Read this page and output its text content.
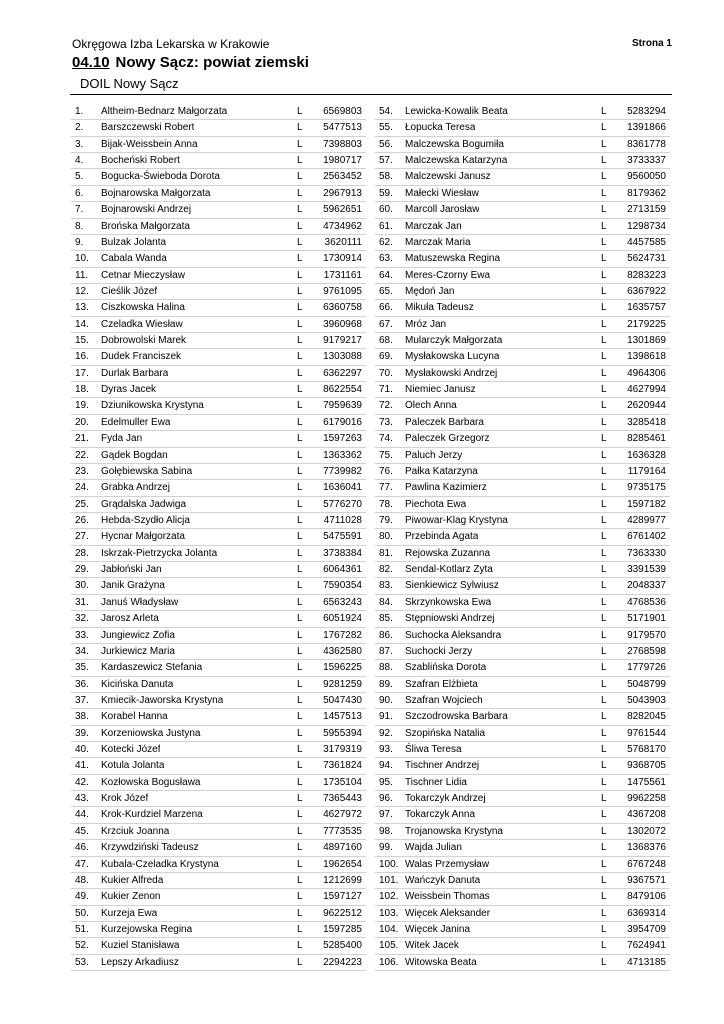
Okręgowa Izba Lekarska w Krakowie	Strona 1
04.10 Nowy Sącz: powiat ziemski
DOIL Nowy Sącz
1. Altheim-Bednarz Małgorzata	L 6569803
2. Barszczewski Robert	L 5477513
3. Bijak-Weissbein Anna	L 7398803
4. Bocheński Robert	L 1980717
5. Bogucka-Świeboda Dorota	L 2563452
6. Bojnarowska Małgorzata	L 2967913
7. Bojnarowski Andrzej	L 5962651
8. Brońska Małgorzata	L 4734962
9. Bulzak Jolanta	L 3620111
10. Cabala Wanda	L 1730914
11. Cetnar Mieczysław	L 1731161
12. Cieślik Józef	L 9761095
13. Ciszkowska Halina	L 6360758
14. Czeladka Wiesław	L 3960968
15. Dobrowolski Marek	L 9179217
16. Dudek Franciszek	L 1303088
17. Durlak Barbara	L 6362297
18. Dyras Jacek	L 8622554
19. Dziunikowska Krystyna	L 7959639
20. Edelmuller Ewa	L 6179016
21. Fyda Jan	L 1597263
22. Gądek Bogdan	L 1363362
23. Gołębiewska Sabina	L 7739982
24. Grabka Andrzej	L 1636041
25. Grądalska Jadwiga	L 5776270
26. Hebda-Szydło Alicja	L 4711028
27. Hycnar Małgorzata	L 5475591
28. Iskrzak-Pietrzycka Jolanta	L 3738384
29. Jabłoński Jan	L 6064361
30. Janik Grażyna	L 7590354
31. Januś Władysław	L 6563243
32. Jarosz Arleta	L 6051924
33. Jungiewicz Zofia	L 1767282
34. Jurkiewicz Maria	L 4362580
35. Kardaszewicz Stefania	L 1596225
36. Kicińska Danuta	L 9281259
37. Kmiecik-Jaworska Krystyna	L 5047430
38. Korabel Hanna	L 1457513
39. Korzeniowska Justyna	L 5955394
40. Kotecki Józef	L 3179319
41. Kotula Jolanta	L 7361824
42. Kozłowska Bogusława	L 1735104
43. Krok Józef	L 7365443
44. Krok-Kurdziel Marzena	L 4627972
45. Krzciuk Joanna	L 7773535
46. Krzywdziński Tadeusz	L 4897160
47. Kubala-Czeladka Krystyna	L 1962654
48. Kukier Alfreda	L 1212699
49. Kukier Zenon	L 1597127
50. Kurzeja Ewa	L 9622512
51. Kurzejowska Regina	L 1597285
52. Kuziel Stanisława	L 5285400
53. Lepszy Arkadiusz	L 2294223
54. Lewicka-Kowalik Beata	L 5283294
55. Łopucka Teresa	L 1391866
56. Malczewska Bogumiła	L 8361778
57. Malczewska Katarzyna	L 3733337
58. Malczewski Janusz	L 9560050
59. Małecki Wiesław	L 8179362
60. Marcoll Jarosław	L 2713159
61. Marczak Jan	L 1298734
62. Marczak Maria	L 4457585
63. Matuszewska Regina	L 5624731
64. Meres-Czorny Ewa	L 8283223
65. Mędoń Jan	L 6367922
66. Mikuła Tadeusz	L 1635757
67. Mróz Jan	L 2179225
68. Mularczyk Małgorzata	L 1301869
69. Mysłakowska Lucyna	L 1398618
70. Mysłakowski Andrzej	L 4964306
71. Niemiec Janusz	L 4627994
72. Olech Anna	L 2620944
73. Paleczek Barbara	L 3285418
74. Paleczek Grzegorz	L 8285461
75. Paluch Jerzy	L 1636328
76. Pałka Katarzyna	L 1179164
77. Pawlina Kazimierz	L 9735175
78. Piechota Ewa	L 1597182
79. Piwowar-Klag Krystyna	L 4289977
80. Przebinda Agata	L 6761402
81. Rejowska Zuzanna	L 7363330
82. Sendal-Kotlarz Zyta	L 3391539
83. Sienkiewicz Sylwiusz	L 2048337
84. Skrzynkowska Ewa	L 4768536
85. Stępniowski Andrzej	L 5171901
86. Suchocka Aleksandra	L 9179570
87. Suchocki Jerzy	L 2768598
88. Szablińska Dorota	L 1779726
89. Szafran Elżbieta	L 5048799
90. Szafran Wojciech	L 5043903
91. Szczodrowska Barbara	L 8282045
92. Szopińska Natalia	L 9761544
93. Śliwa Teresa	L 5768170
94. Tischner Andrzej	L 9368705
95. Tischner Lidia	L 1475561
96. Tokarczyk Andrzej	L 9962258
97. Tokarczyk Anna	L 4367208
98. Trojanowska Krystyna	L 1302072
99. Wajda Julian	L 1368376
100. Walas Przemysław	L 6767248
101. Wańczyk Danuta	L 9367571
102. Weissbein Thomas	L 8479106
103. Więcek Aleksander	L 6369314
104. Więcek Janina	L 3954709
105. Witek Jacek	L 7624941
106. Witowska Beata	L 4713185
